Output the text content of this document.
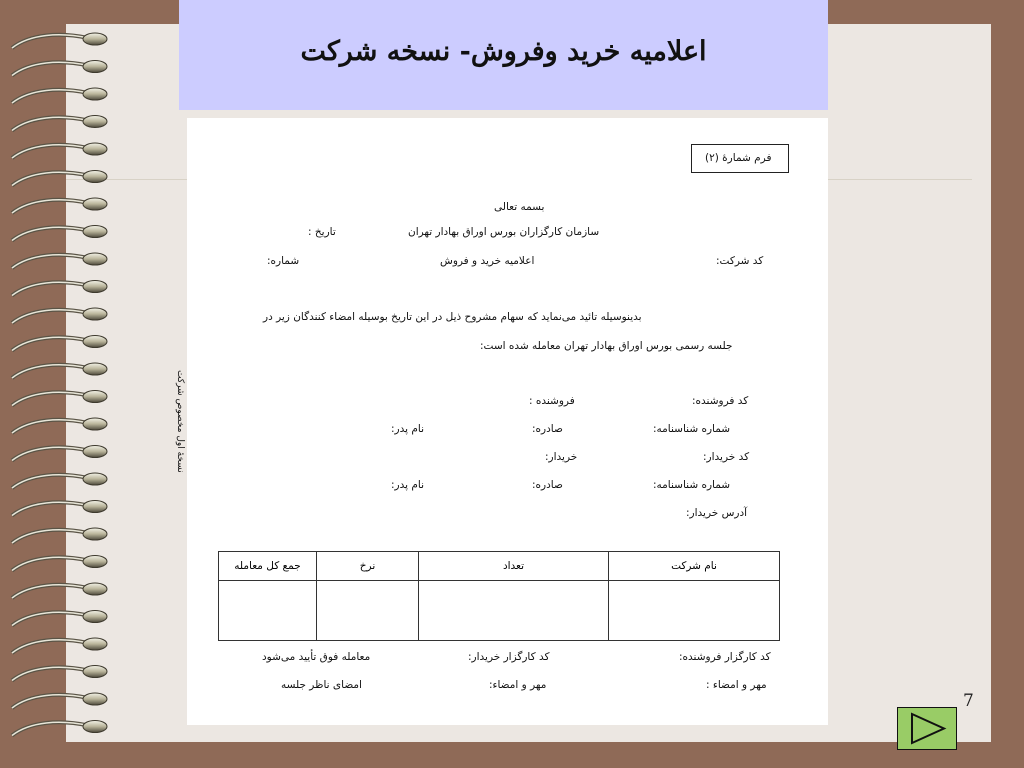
اعلامیه خرید وفروش- نسخه شرکت
فرم شمارهٔ (۲)
بسمه تعالی
سازمان کارگزاران بورس اوراق بهادار تهران
تاریخ :
کد شرکت:
اعلامیه خرید و فروش
شماره:
بدینوسیله تائید می‌نماید که سهام مشروح ذیل در این تاریخ بوسیله امضاء کنندگان زیر در
جلسه رسمی بورس اوراق بهادار تهران معامله شده است:
نسخهٔ اول مخصوص شرکت	کد فروشنده:
فروشنده :
شماره شناسنامه:
صادره:
نام پدر:
کد خریدار:
خریدار:
شماره شناسنامه:
صادره:
نام پدر:
آدرس خریدار:
جمع کل معامله	نرخ	تعداد	نام شرکت

کد کارگزار فروشنده:
کد کارگزار خریدار:
معامله فوق تأیید می‌شود
مهر و امضاء :
مهر و امضاء:
امضای ناظر جلسه
7
